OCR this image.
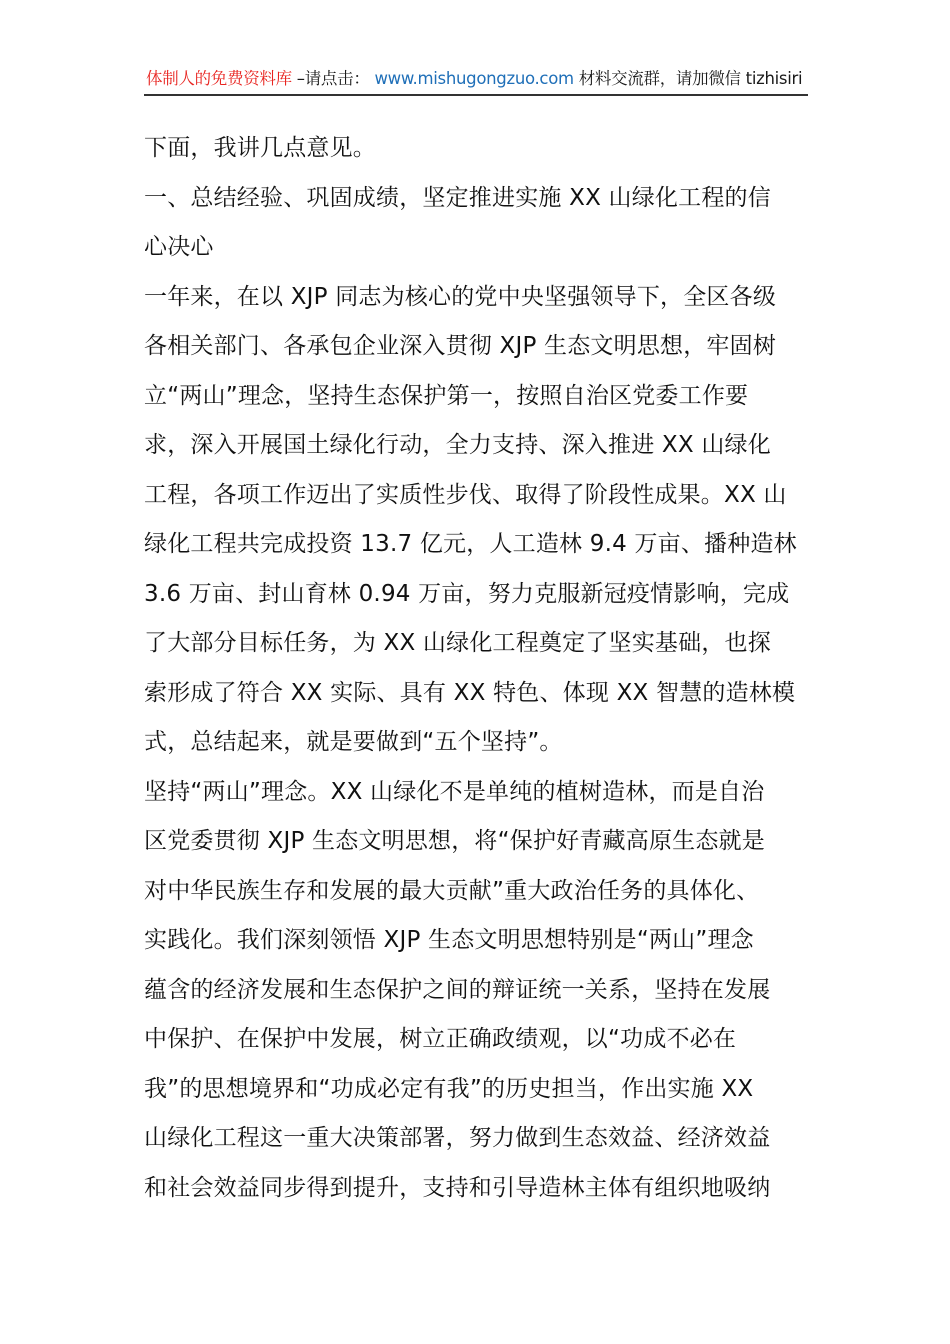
体制人的免费资料库 –请点击： www.mishugongzuo.com 材料交流群，请加微信 tizhisiri
下面，我讲几点意见。
一、总结经验、巩固成绩，坚定推进实施 XX 山绿化工程的信
心决心
一年来，在以 XJP 同志为核心的党中央坚强领导下，全区各级
各相关部门、各承包企业深入贯彻 XJP 生态文明思想，牢固树
立“两山”理念，坚持生态保护第一，按照自治区党委工作要
求，深入开展国土绿化行动，全力支持、深入推进 XX 山绿化
工程，各项工作迈出了实质性步伐、取得了阶段性成果。XX 山
绿化工程共完成投资 13.7 亿元，人工造林 9.4 万亩、播种造林
3.6 万亩、封山育林 0.94 万亩，努力克服新冠疫情影响，完成
了大部分目标任务，为 XX 山绿化工程奠定了坚实基础，也探
索形成了符合 XX 实际、具有 XX 特色、体现 XX 智慧的造林模
式，总结起来，就是要做到“五个坚持”。
坚持“两山”理念。XX 山绿化不是单纯的植树造林，而是自治
区党委贯彻 XJP 生态文明思想，将“保护好青藏高原生态就是
对中华民族生存和发展的最大贡献”重大政治任务的具体化、
实践化。我们深刻领悟 XJP 生态文明思想特别是“两山”理念
蕴含的经济发展和生态保护之间的辩证统一关系，坚持在发展
中保护、在保护中发展，树立正确政绩观，以“功成不必在
我”的思想境界和“功成必定有我”的历史担当，作出实施 XX
山绿化工程这一重大决策部署，努力做到生态效益、经济效益
和社会效益同步得到提升，支持和引导造林主体有组织地吸纳
